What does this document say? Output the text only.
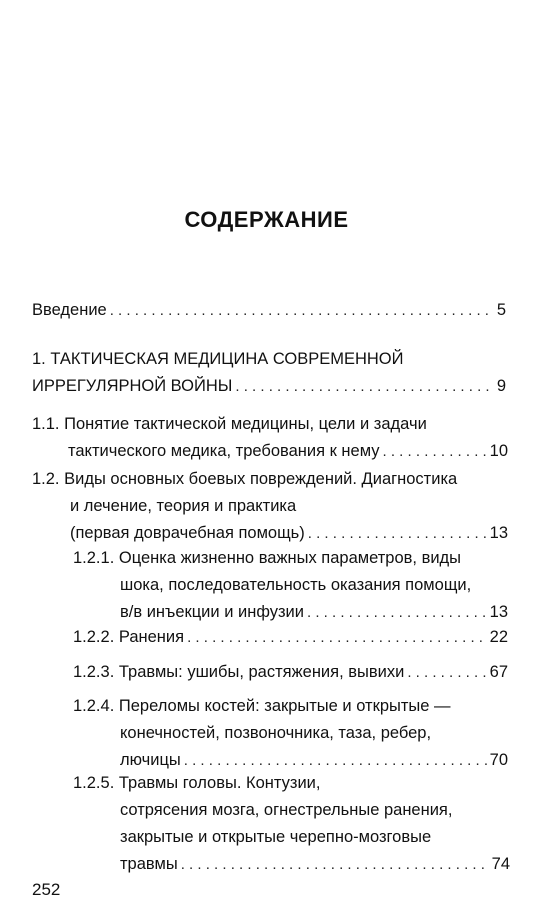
СОДЕРЖАНИЕ
Введение . . .	5
1. ТАКТИЧЕСКАЯ МЕДИЦИНА СОВРЕМЕННОЙ
ИРРЕГУЛЯРНОЙ ВОЙНЫ . . .	9
1.1. Понятие тактической медицины, цели и задачи
тактического медика, требования к нему . . .	10
1.2. Виды основных боевых повреждений. Диагностика
и лечение, теория и практика
(первая доврачебная помощь) . . .	13
1.2.1. Оценка жизненно важных параметров, виды
шока, последовательность оказания помощи,
в/в инъекции и инфузии . . .	13
1.2.2. Ранения . . .	22
1.2.3. Травмы: ушибы, растяжения, вывихи . . .	67
1.2.4. Переломы костей: закрытые и открытые —
конечностей, позвоночника, таза, ребер,
лючицы . . .	70
1.2.5. Травмы головы. Контузии,
сотрясения мозга, огнестрельные ранения,
закрытые и открытые черепно-мозговые
травмы . . .	74
252
